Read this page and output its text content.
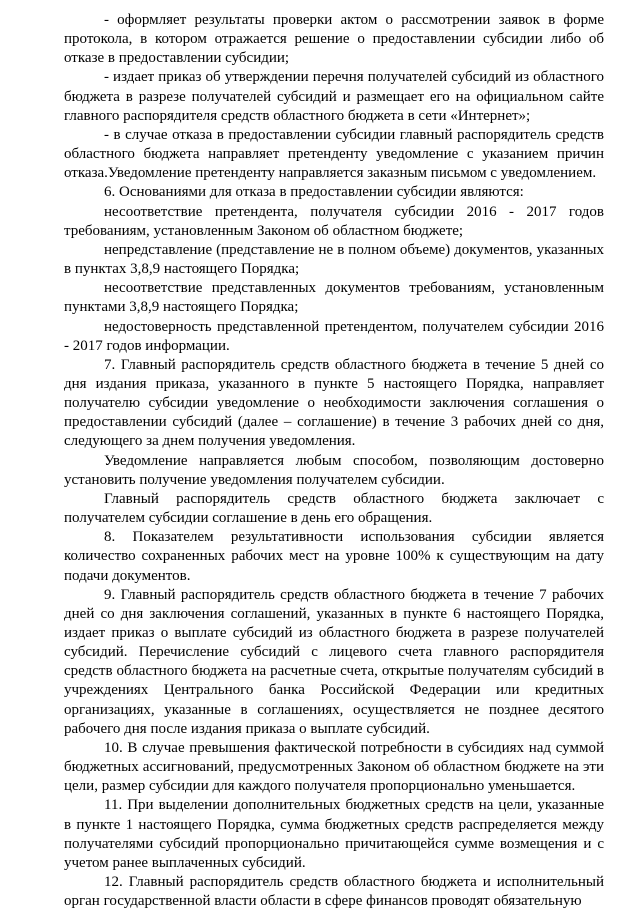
- оформляет результаты проверки актом о рассмотрении заявок в форме протокола, в котором отражается решение о предоставлении субсидии либо об отказе в предоставлении субсидии;

- издает приказ об утверждении перечня получателей субсидий из областного бюджета в разрезе получателей субсидий и размещает его на официальном сайте главного распорядителя средств областного бюджета в сети «Интернет»;

- в случае отказа в предоставлении субсидии главный распорядитель средств областного бюджета направляет претенденту уведомление с указанием причин отказа.Уведомление претенденту направляется заказным письмом с уведомлением.

6. Основаниями для отказа в предоставлении субсидии являются:

несоответствие претендента, получателя субсидии 2016 - 2017 годов требованиям, установленным Законом об областном бюджете;

непредставление (представление не в полном объеме) документов, указанных в пунктах 3,8,9 настоящего Порядка;

несоответствие представленных документов требованиям, установленным пунктами 3,8,9 настоящего Порядка;

недостоверность представленной претендентом, получателем субсидии 2016 - 2017 годов информации.

7. Главный распорядитель средств областного бюджета в течение 5 дней со дня издания приказа, указанного в пункте 5 настоящего Порядка, направляет получателю субсидии уведомление о необходимости заключения соглашения о предоставлении субсидий (далее – соглашение) в течение 3 рабочих дней со дня, следующего за днем получения уведомления.

Уведомление направляется любым способом, позволяющим достоверно установить получение уведомления получателем субсидии.

Главный распорядитель средств областного бюджета заключает с получателем субсидии соглашение в день его обращения.

8. Показателем результативности использования субсидии является количество сохраненных рабочих мест на уровне 100% к существующим на дату подачи документов.

9. Главный распорядитель средств областного бюджета в течение 7 рабочих дней со дня заключения соглашений, указанных в пункте 6 настоящего Порядка, издает приказ о выплате субсидий из областного бюджета в разрезе получателей субсидий. Перечисление субсидий с лицевого счета главного распорядителя средств областного бюджета на расчетные счета, открытые получателям субсидий в учреждениях Центрального банка Российской Федерации или кредитных организациях, указанные в соглашениях, осуществляется не позднее десятого рабочего дня после издания приказа о выплате субсидий.

10. В случае превышения фактической потребности в субсидиях над суммой бюджетных ассигнований, предусмотренных Законом об областном бюджете на эти цели, размер субсидии для каждого получателя пропорционально уменьшается.

11. При выделении дополнительных бюджетных средств на цели, указанные в пункте 1 настоящего Порядка, сумма бюджетных средств распределяется между получателями субсидий пропорционально причитающейся сумме возмещения и с учетом ранее выплаченных субсидий.

12. Главный распорядитель средств областного бюджета и исполнительный орган государственной власти области в сфере финансов проводят обязательную
